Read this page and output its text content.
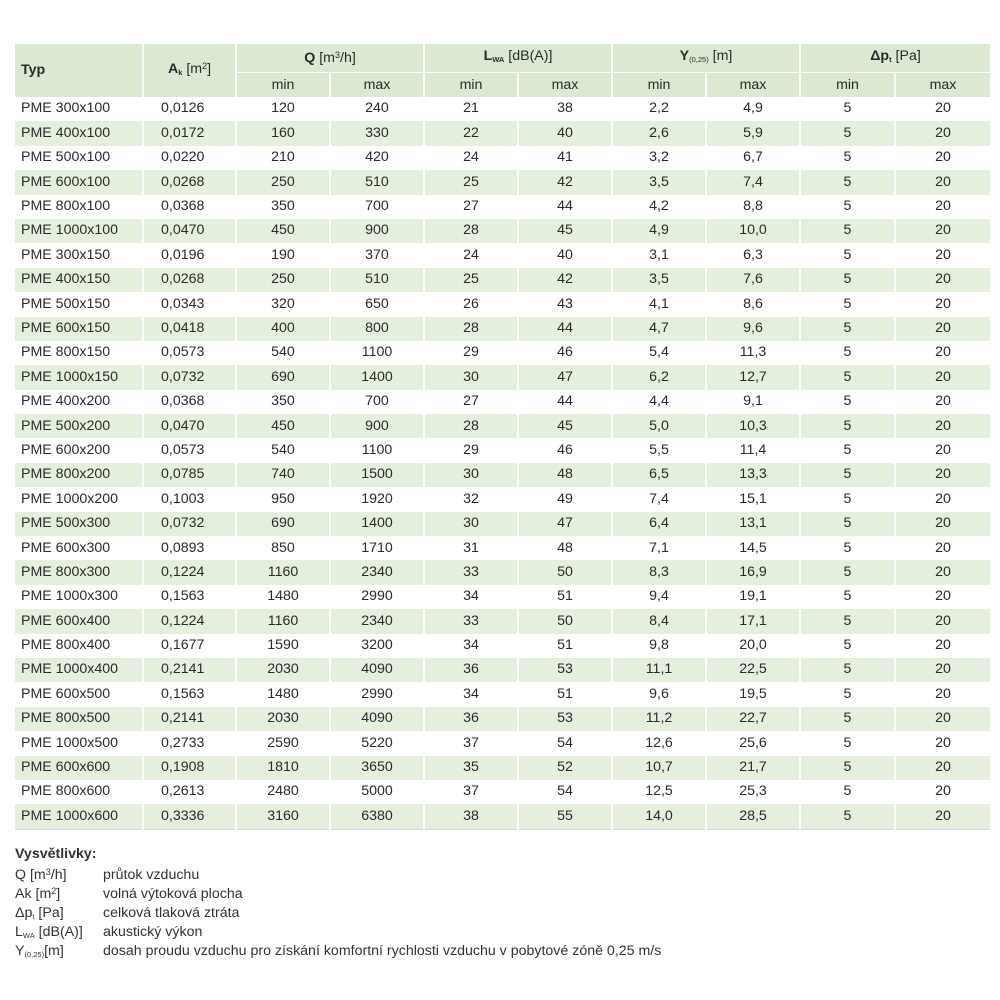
Typ	$A_k$ $[m^2]$	Q $[m^3/h]$		$L_{WA}$ [dB(A)]		Y(0,25) [m]		$\Delta p_t$ [Pa]	
		min	max	min	max	min	max	min	max
PME 300x100	0,0126	120	240	21	38	2,2	4,9	5	20
PME 400x100	0,0172	160	330	22	40	2,6	5,9	5	20
PME 500x100	0,0220	210	420	24	41	3,2	6,7	5	20
PME 600x100	0,0268	250	510	25	42	3,5	7,4	5	20
PME 800x100	0,0368	350	700	27	44	4,2	8,8	5	20
PME 1000x100	0,0470	450	900	28	45	4,9	10,0	5	20
PME 300x150	0,0196	190	370	24	40	3,1	6,3	5	20
PME 400x150	0,0268	250	510	25	42	3,5	7,6	5	20
PME 500x150	0,0343	320	650	26	43	4,1	8,6	5	20
PME 600x150	0,0418	400	800	28	44	4,7	9,6	5	20
PME 800x150	0,0573	540	1100	29	46	5,4	11,3	5	20
PME 1000x150	0,0732	690	1400	30	47	6,2	12,7	5	20
PME 400x200	0,0368	350	700	27	44	4,4	9,1	5	20
PME 500x200	0,0470	450	900	28	45	5,0	10,3	5	20
PME 600x200	0,0573	540	1100	29	46	5,5	11,4	5	20
PME 800x200	0,0785	740	1500	30	48	6,5	13,3	5	20
PME 1000x200	0,1003	950	1920	32	49	7,4	15,1	5	20
PME 500x300	0,0732	690	1400	30	47	6,4	13,1	5	20
PME 600x300	0,0893	850	1710	31	48	7,1	14,5	5	20
PME 800x300	0,1224	1160	2340	33	50	8,3	16,9	5	20
PME 1000x300	0,1563	1480	2990	34	51	9,4	19,1	5	20
PME 600x400	0,1224	1160	2340	33	50	8,4	17,1	5	20
PME 800x400	0,1677	1590	3200	34	51	9,8	20,0	5	20
PME 1000x400	0,2141	2030	4090	36	53	11,1	22,5	5	20
PME 600x500	0,1563	1480	2990	34	51	9,6	19,5	5	20
PME 800x500	0,2141	2030	4090	36	53	11,2	22,7	5	20
PME 1000x500	0,2733	2590	5220	37	54	12,6	25,6	5	20
PME 600x600	0,1908	1810	3650	35	52	10,7	21,7	5	20
PME 800x600	0,2613	2480	5000	37	54	12,5	25,3	5	20
PME 1000x600	0,3336	3160	6380	38	55	14,0	28,5	5	20
Vysvětlivky:
Q $[m^3/h]$	průtok vzduchu
Ak $[m^2]$	volná výtoková plocha
Δpt [Pa]	celková tlaková ztráta
LWA [dB(A)] akustický výkon
Y(0,25)[m]	dosah proudu vzduchu pro získání komfortní rychlosti vzduchu v pobytové zóně 0,25 m/s
